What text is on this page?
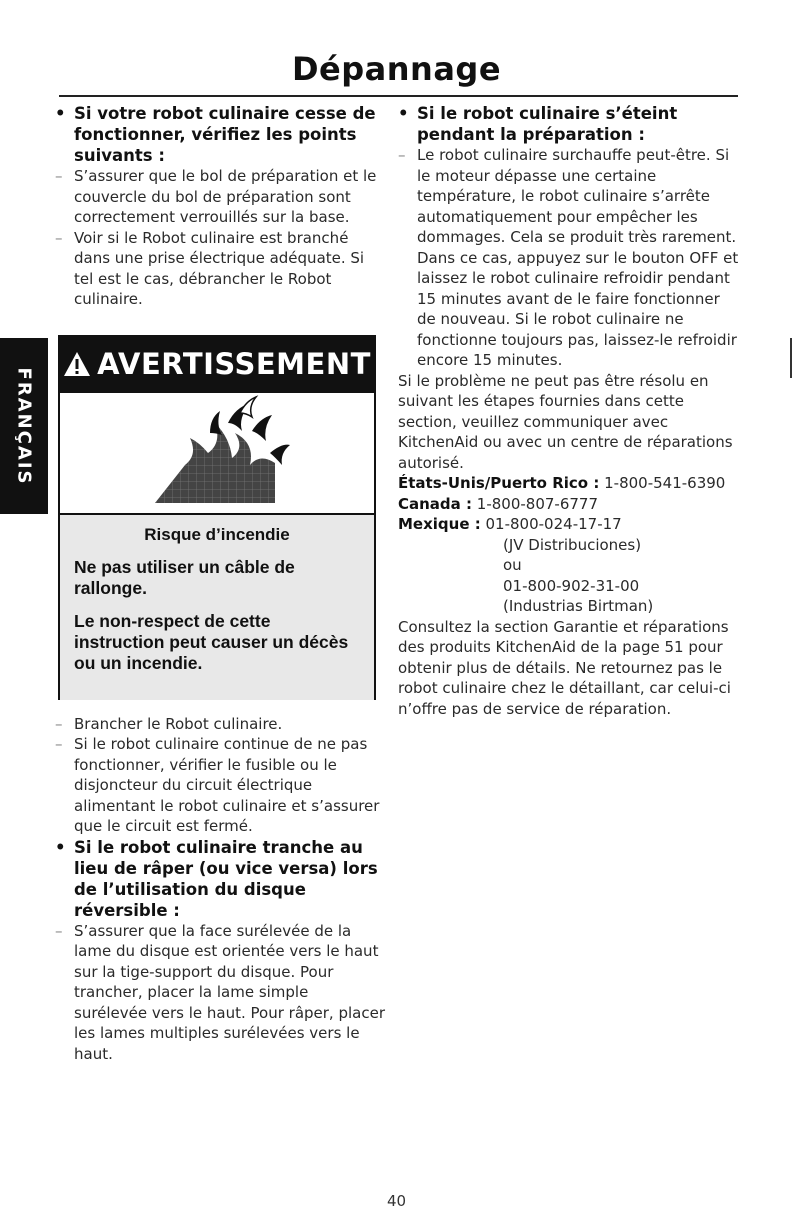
Dépannage
FRANÇAIS
• Si votre robot culinaire cesse de fonctionner, vérifiez les points suivants :
– S’assurer que le bol de préparation et le couvercle du bol de préparation sont correctement verrouillés sur la base.
– Voir si le Robot culinaire est branché dans une prise électrique adéquate. Si tel est le cas, débrancher le Robot culinaire.
AVERTISSEMENT
Risque d’incendie
Ne pas utiliser un câble de rallonge.
Le non-respect de cette instruction peut causer un décès ou un incendie.
– Brancher le Robot culinaire.
– Si le robot culinaire continue de ne pas fonctionner, vérifier le fusible ou le disjoncteur du circuit électrique alimentant le robot culinaire et s’assurer que le circuit est fermé.
• Si le robot culinaire tranche au lieu de râper (ou vice versa) lors de l’utilisation du disque réversible :
– S’assurer que la face surélevée de la lame du disque est orientée vers le haut sur la tige-support du disque. Pour trancher, placer la lame simple surélevée vers le haut. Pour râper, placer les lames multiples surélevées vers le haut.
• Si le robot culinaire s’éteint pendant la préparation :
– Le robot culinaire surchauffe peut-être. Si le moteur dépasse une certaine température, le robot culinaire s’arrête automatiquement pour empêcher les dommages. Cela se produit très rarement. Dans ce cas, appuyez sur le bouton OFF et laissez le robot culinaire refroidir pendant 15 minutes avant de le faire fonctionner de nouveau. Si le robot culinaire ne fonctionne toujours pas, laissez-le refroidir encore 15 minutes.

Si le problème ne peut pas être résolu en suivant les étapes fournies dans cette section, veuillez communiquer avec KitchenAid ou avec un centre de réparations autorisé.

États-Unis/Puerto Rico :
1-800-541-6390
Canada :
1-800-807-6777
Mexique :
01-800-024-17-17
(JV Distribuciones)
ou
01-800-902-31-00
(Industrias Birtman)

Consultez la section Garantie et réparations des produits KitchenAid de la page 51 pour obtenir plus de détails. Ne retournez pas le robot culinaire chez le détaillant, car celui-ci n’offre pas de service de réparation.

40
